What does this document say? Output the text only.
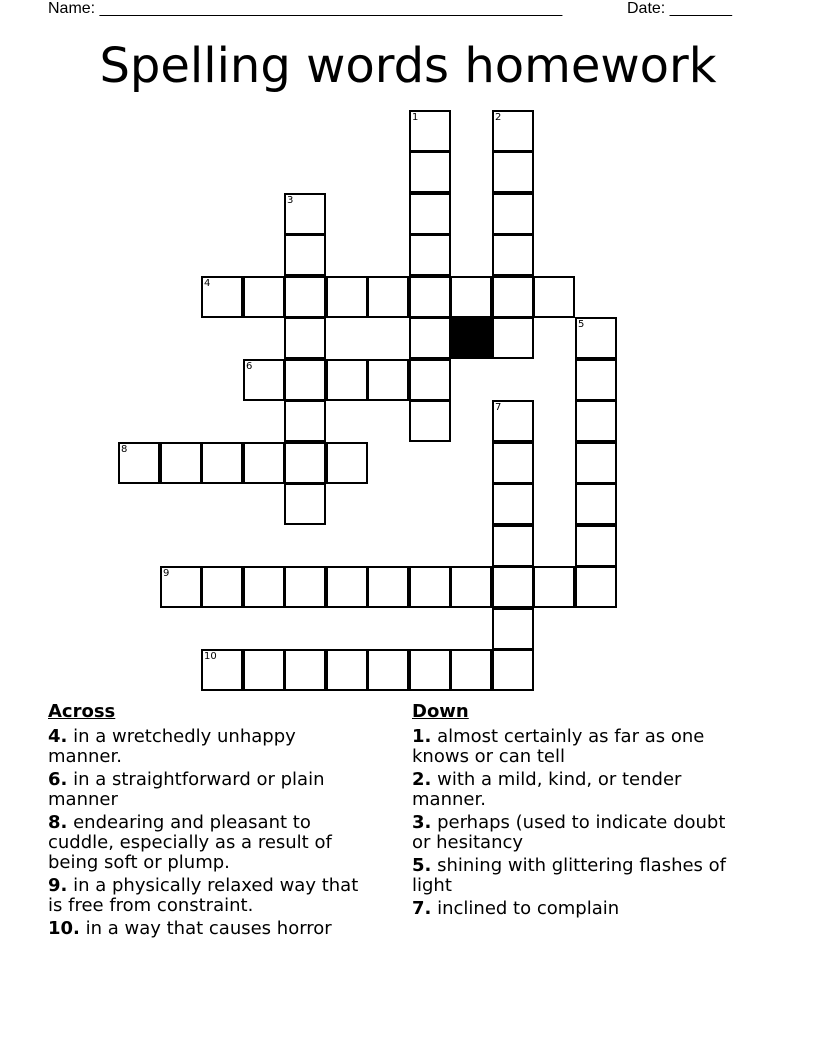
Name: ____________________________________________________	Date: _______
Spelling words homework
1	2
3
4
5
6
7
8
9
10
Across
4. in a wretchedly unhappy manner.
6. in a straightforward or plain manner
8. endearing and pleasant to cuddle, especially as a result of being soft or plump.
9. in a physically relaxed way that is free from constraint.
10. in a way that causes horror
Down
1. almost certainly as far as one knows or can tell
2. with a mild, kind, or tender manner.
3. perhaps (used to indicate doubt or hesitancy
5. shining with glittering flashes of light
7. inclined to complain
